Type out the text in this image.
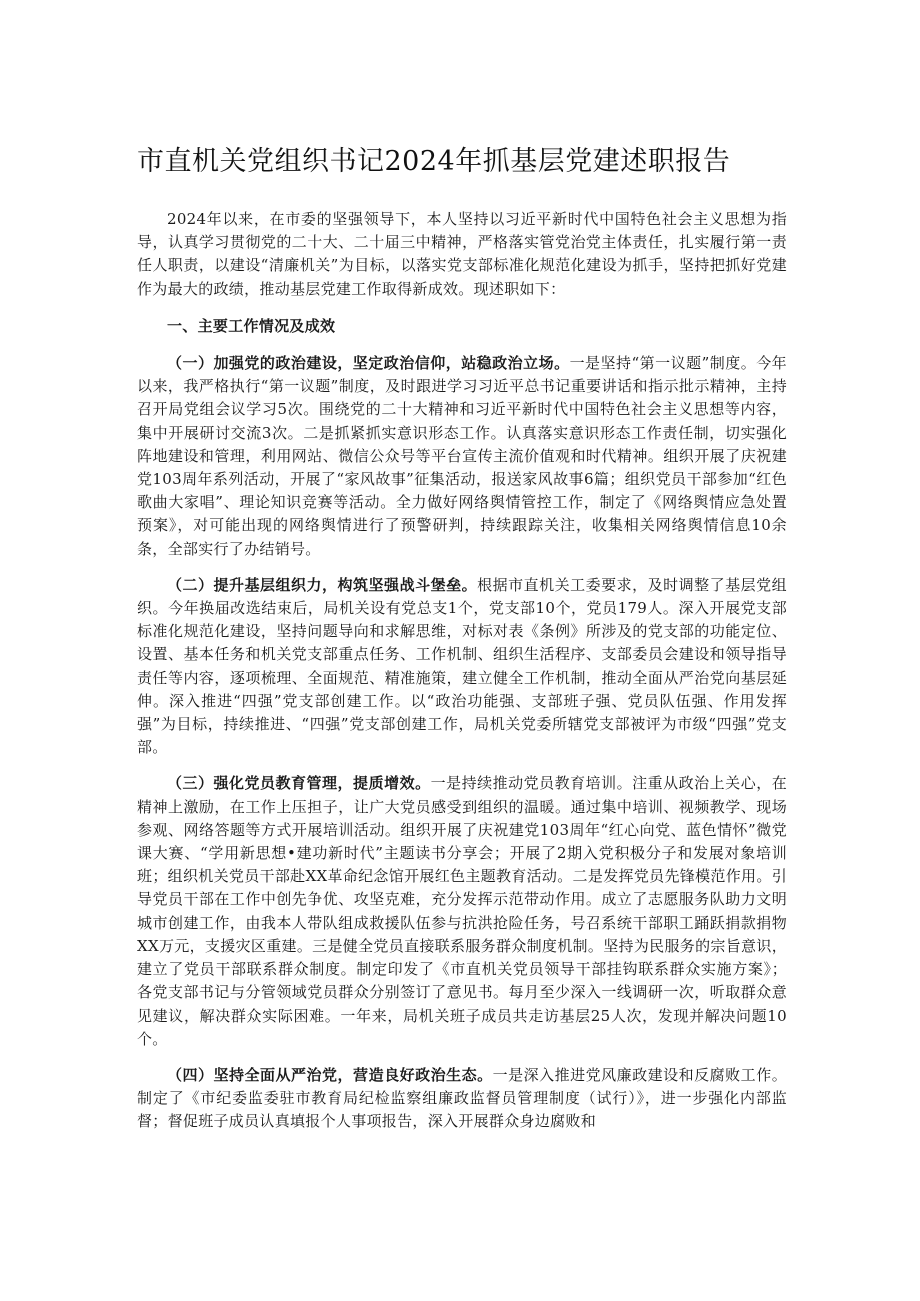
市直机关党组织书记2024年抓基层党建述职报告

2024年以来，在市委的坚强领导下，本人坚持以习近平新时代中国特色社会主义思想为指导，认真学习贯彻党的二十大、二十届三中精神，严格落实管党治党主体责任，扎实履行第一责任人职责，以建设“清廉机关”为目标，以落实党支部标准化规范化建设为抓手，坚持把抓好党建作为最大的政绩，推动基层党建工作取得新成效。现述职如下：

一、主要工作情况及成效

（一）加强党的政治建设，坚定政治信仰，站稳政治立场。一是坚持“第一议题”制度。今年以来，我严格执行“第一议题”制度，及时跟进学习习近平总书记重要讲话和指示批示精神，主持召开局党组会议学习5次。围绕党的二十大精神和习近平新时代中国特色社会主义思想等内容，集中开展研讨交流3次。二是抓紧抓实意识形态工作。认真落实意识形态工作责任制，切实强化阵地建设和管理，利用网站、微信公众号等平台宣传主流价值观和时代精神。组织开展了庆祝建党103周年系列活动，开展了“家风故事”征集活动，报送家风故事6篇；组织党员干部参加“红色歌曲大家唱”、理论知识竞赛等活动。全力做好网络舆情管控工作，制定了《网络舆情应急处置预案》，对可能出现的网络舆情进行了预警研判，持续跟踪关注，收集相关网络舆情信息10余条，全部实行了办结销号。

（二）提升基层组织力，构筑坚强战斗堡垒。根据市直机关工委要求，及时调整了基层党组织。今年换届改选结束后，局机关设有党总支1个，党支部10个，党员179人。深入开展党支部标准化规范化建设，坚持问题导向和求解思维，对标对表《条例》所涉及的党支部的功能定位、设置、基本任务和机关党支部重点任务、工作机制、组织生活程序、支部委员会建设和领导指导责任等内容，逐项梳理、全面规范、精准施策，建立健全工作机制，推动全面从严治党向基层延伸。深入推进“四强”党支部创建工作。以“政治功能强、支部班子强、党员队伍强、作用发挥强”为目标，持续推进、“四强”党支部创建工作，局机关党委所辖党支部被评为市级“四强”党支部。

（三）强化党员教育管理，提质增效。一是持续推动党员教育培训。注重从政治上关心，在精神上激励，在工作上压担子，让广大党员感受到组织的温暖。通过集中培训、视频教学、现场参观、网络答题等方式开展培训活动。组织开展了庆祝建党103周年“红心向党、蓝色情怀”微党课大赛、“学用新思想•建功新时代”主题读书分享会；开展了2期入党积极分子和发展对象培训班；组织机关党员干部赴XX革命纪念馆开展红色主题教育活动。二是发挥党员先锋模范作用。引导党员干部在工作中创先争优、攻坚克难，充分发挥示范带动作用。成立了志愿服务队助力文明城市创建工作，由我本人带队组成救援队伍参与抗洪抢险任务，号召系统干部职工踊跃捐款捐物XX万元，支援灾区重建。三是健全党员直接联系服务群众制度机制。坚持为民服务的宗旨意识，建立了党员干部联系群众制度。制定印发了《市直机关党员领导干部挂钩联系群众实施方案》；各党支部书记与分管领域党员群众分别签订了意见书。每月至少深入一线调研一次，听取群众意见建议，解决群众实际困难。一年来，局机关班子成员共走访基层25人次，发现并解决问题10个。

（四）坚持全面从严治党，营造良好政治生态。一是深入推进党风廉政建设和反腐败工作。制定了《市纪委监委驻市教育局纪检监察组廉政监督员管理制度（试行）》，进一步强化内部监督；督促班子成员认真填报个人事项报告，深入开展群众身边腐败和
